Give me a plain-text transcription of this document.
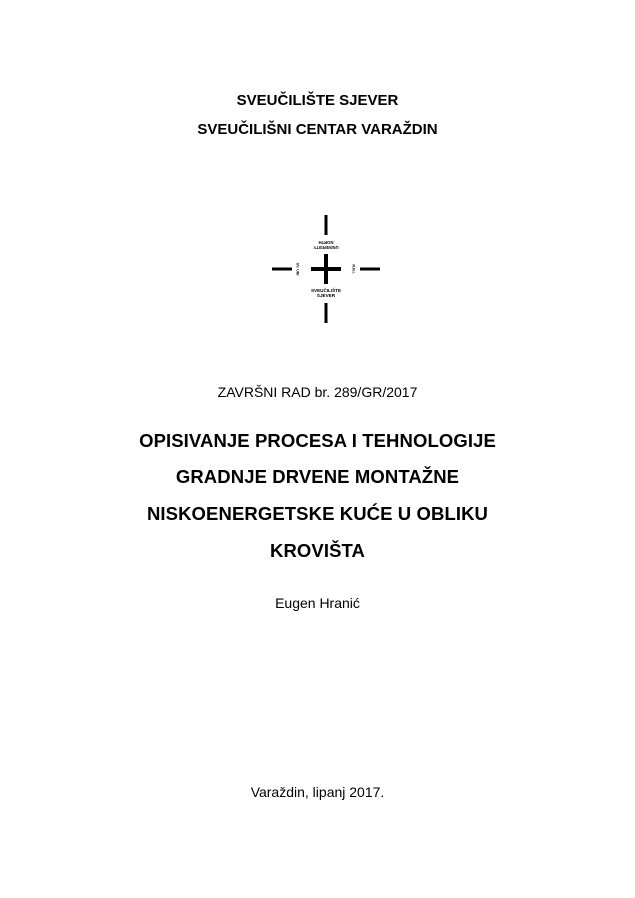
SVEUČILIŠTE SJEVER
SVEUČILIŠNI CENTAR VARAŽDIN
UNIVERSITY
NORTH
SVEUČILIŠTE
SJEVER
SV. UNI	N.N.I.
ZAVRŠNI RAD br. 289/GR/2017
OPISIVANJE PROCESA I TEHNOLOGIJE
GRADNJE DRVENE MONTAŽNE
NISKOENERGETSKE KUĆE U OBLIKU
KROVIŠTA
Eugen Hranić
Varaždin, lipanj 2017.
